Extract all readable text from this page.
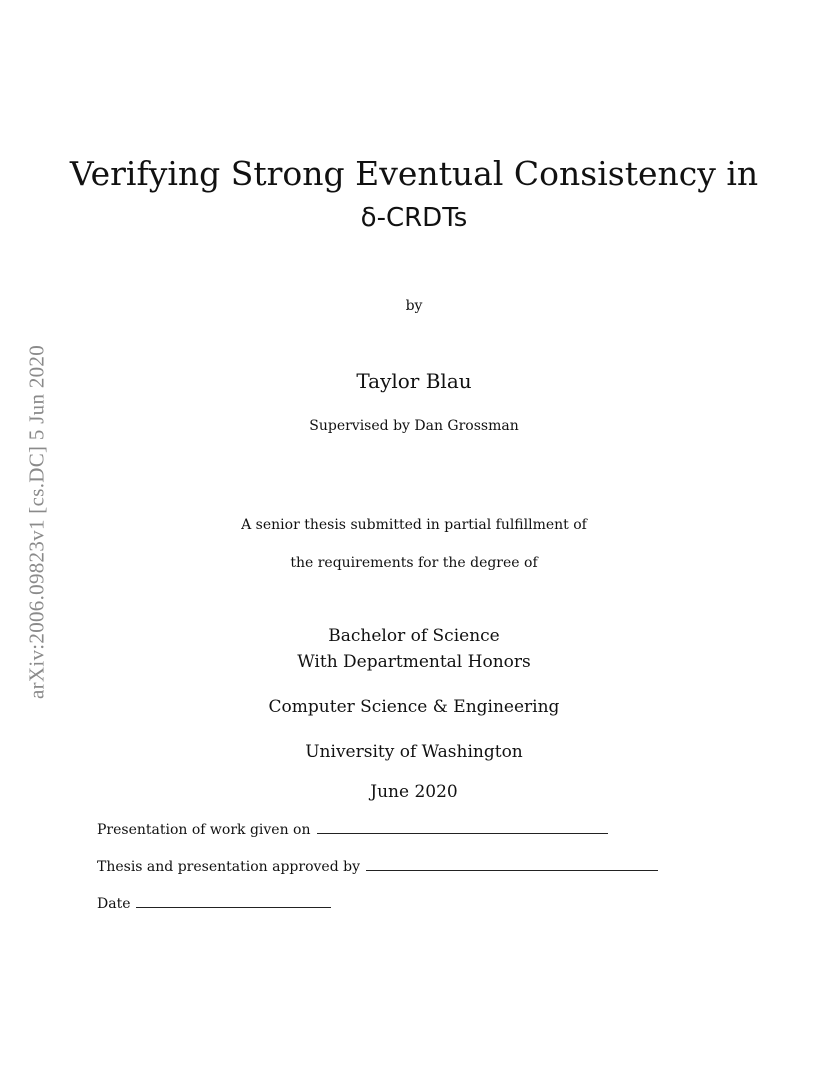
arXiv:2006.09823v1 [cs.DC] 5 Jun 2020
Verifying Strong Eventual Consistency in
δ-CRDTs
by
Taylor Blau
Supervised by Dan Grossman
A senior thesis submitted in partial fulfillment of
the requirements for the degree of
Bachelor of Science
With Departmental Honors
Computer Science & Engineering
University of Washington
June 2020
Presentation of work given on
Thesis and presentation approved by
Date
